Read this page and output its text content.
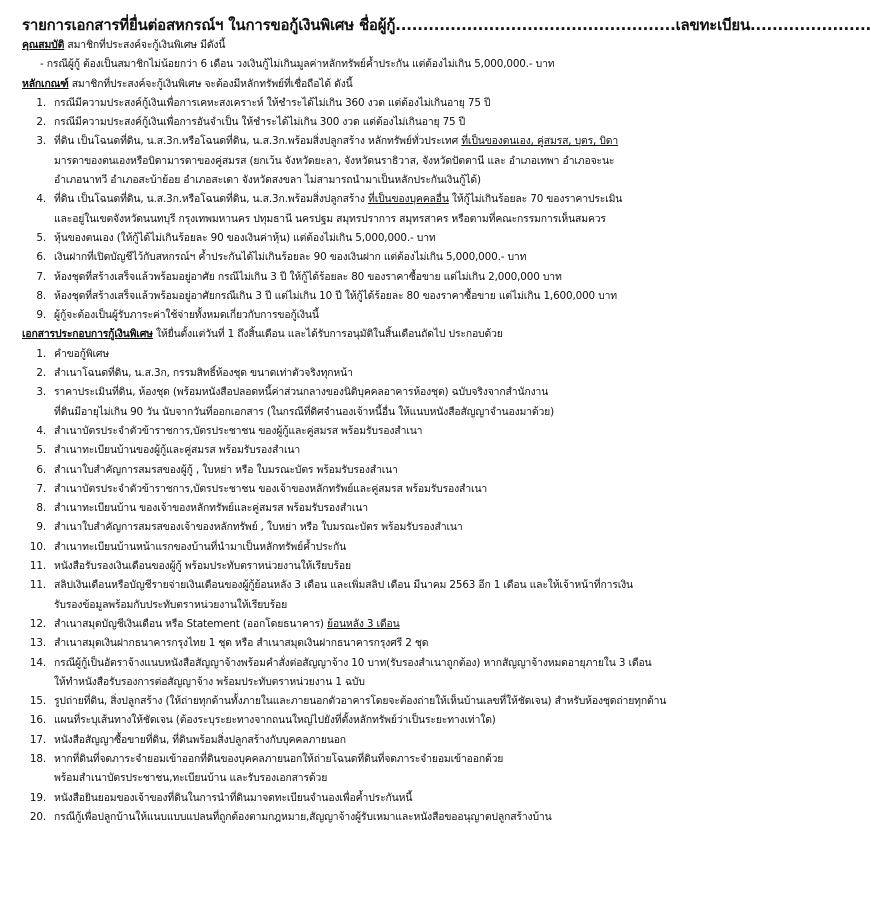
รายการเอกสารที่ยื่นต่อสหกรณ์ฯ ในการขอกู้เงินพิเศษ ชื่อผู้กู้...................................................เลขทะเบียน......................
คุณสมบัติ สมาชิกที่ประสงค์จะกู้เงินพิเศษ มีดังนี้
- กรณีผู้กู้ ต้องเป็นสมาชิกไม่น้อยกว่า 6 เดือน วงเงินกู้ไม่เกินมูลค่าหลักทรัพย์ค้ำประกัน แต่ต้องไม่เกิน 5,000,000.- บาท
หลักเกณฑ์ สมาชิกที่ประสงค์จะกู้เงินพิเศษ จะต้องมีหลักทรัพย์ที่เชื่อถือได้ ดังนี้
1. กรณีมีความประสงค์กู้เงินเพื่อการเคหะสงเคราะห์ ให้ชำระได้ไม่เกิน 360 งวด แต่ต้องไม่เกินอายุ 75 ปี
2. กรณีมีความประสงค์กู้เงินเพื่อการอันจำเป็น ให้ชำระได้ไม่เกิน 300 งวด แต่ต้องไม่เกินอายุ 75 ปี
3. ที่ดิน เป็นโฉนดที่ดิน, น.ส.3ก.หรือโฉนดที่ดิน, น.ส.3ก.พร้อมสิ่งปลูกสร้าง หลักทรัพย์ทั่วประเทศ ที่เป็นของตนเอง, คู่สมรส, บุตร, บิดา
มารดาของตนเองหรือบิดามารดาของคู่สมรส (ยกเว้น จังหวัดยะลา, จังหวัดนราธิวาส, จังหวัดปัตตานี และ อำเภอเทพา อำเภอจะนะ
อำเภอนาทวี อำเภอสะบ้าย้อย อำเภอสะเดา จังหวัดสงขลา ไม่สามารถนำมาเป็นหลักประกันเงินกู้ได้)
4. ที่ดิน เป็นโฉนดที่ดิน, น.ส.3ก.หรือโฉนดที่ดิน, น.ส.3ก.พร้อมสิ่งปลูกสร้าง ที่เป็นของบุคคลอื่น ให้กู้ไม่เกินร้อยละ 70 ของราคาประเมิน
และอยู่ในเขตจังหวัดนนทบุรี กรุงเทพมหานคร ปทุมธานี นครปฐม สมุทรปราการ สมุทรสาคร หรือตามที่คณะกรรมการเห็นสมควร
5. หุ้นของตนเอง (ให้กู้ได้ไม่เกินร้อยละ 90 ของเงินค่าหุ้น) แต่ต้องไม่เกิน 5,000,000.- บาท
6. เงินฝากที่เปิดบัญชีไว้กับสหกรณ์ฯ ค้ำประกันได้ไม่เกินร้อยละ 90 ของเงินฝาก แต่ต้องไม่เกิน 5,000,000.- บาท
7. ห้องชุดที่สร้างเสร็จแล้วพร้อมอยู่อาศัย กรณีไม่เกิน 3 ปี ให้กู้ได้ร้อยละ 80 ของราคาซื้อขาย แต่ไม่เกิน 2,000,000 บาท
8. ห้องชุดที่สร้างเสร็จแล้วพร้อมอยู่อาศัยกรณีเกิน 3 ปี แต่ไม่เกิน 10 ปี ให้กู้ได้ร้อยละ 80 ของราคาซื้อขาย แต่ไม่เกิน 1,600,000 บาท
9. ผู้กู้จะต้องเป็นผู้รับภาระค่าใช้จ่ายทั้งหมดเกี่ยวกับการขอกู้เงินนี้
เอกสารประกอบการกู้เงินพิเศษ ให้ยื่นตั้งแต่วันที่ 1 ถึงสิ้นเดือน และได้รับการอนุมัติในสิ้นเดือนถัดไป ประกอบด้วย
1. คำขอกู้พิเศษ
2. สำเนาโฉนดที่ดิน, น.ส.3ก, กรรมสิทธิ์ห้องชุด ขนาดเท่าตัวจริงทุกหน้า
3. ราคาประเมินที่ดิน, ห้องชุด (พร้อมหนังสือปลอดหนี้ค่าส่วนกลางของนิติบุคคลอาคารห้องชุด) ฉบับจริงจากสำนักงาน
ที่ดินมีอายุไม่เกิน 90 วัน นับจากวันที่ออกเอกสาร (ในกรณีที่ดิศจำนองเจ้าหนี้อื่น ให้แนบหนังสือสัญญาจำนองมาด้วย)
4. สำเนาบัตรประจำตัวข้าราชการ,บัตรประชาชน ของผู้กู้และคู่สมรส พร้อมรับรองสำเนา
5. สำเนาทะเบียนบ้านของผู้กู้และคู่สมรส พร้อมรับรองสำเนา
6. สำเนาใบสำคัญการสมรสของผู้กู้ , ใบหย่า หรือ ใบมรณะบัตร พร้อมรับรองสำเนา
7. สำเนาบัตรประจำตัวข้าราชการ,บัตรประชาชน ของเจ้าของหลักทรัพย์และคู่สมรส พร้อมรับรองสำเนา
8. สำเนาทะเบียนบ้าน ของเจ้าของหลักทรัพย์และคู่สมรส พร้อมรับรองสำเนา
9. สำเนาใบสำคัญการสมรสของเจ้าของหลักทรัพย์ , ใบหย่า หรือ ใบมรณะบัตร พร้อมรับรองสำเนา
10. สำเนาทะเบียนบ้านหน้าแรกของบ้านที่นำมาเป็นหลักทรัพย์ค้ำประกัน
11. หนังสือรับรองเงินเดือนของผู้กู้ พร้อมประทับตราหน่วยงานให้เรียบร้อย
11. สลิปเงินเดือนหรือบัญชีรายจ่ายเงินเดือนของผู้กู้ย้อนหลัง 3 เดือน และเพิ่มสลิป เดือน มีนาคม 2563 อีก 1 เดือน และให้เจ้าหน้าที่การเงิน
รับรองข้อมูลพร้อมกับประทับตราหน่วยงานให้เรียบร้อย
12. สำเนาสมุดบัญชีเงินเดือน หรือ Statement (ออกโดยธนาคาร) ย้อนหลัง 3 เดือน
13. สำเนาสมุดเงินฝากธนาคารกรุงไทย 1 ชุด หรือ สำเนาสมุดเงินฝากธนาคารกรุงศรี 2 ชุด
14. กรณีผู้กู้เป็นอัตราจ้างแนบหนังสือสัญญาจ้างพร้อมคำสั่งต่อสัญญาจ้าง 10 บาท(รับรองสำเนาถูกต้อง) หากสัญญาจ้างหมดอายุภายใน 3 เดือน
ให้ทำหนังสือรับรองการต่อสัญญาจ้าง พร้อมประทับตราหน่วยงาน 1 ฉบับ
15. รูปถ่ายที่ดิน, สิ่งปลูกสร้าง (ให้ถ่ายทุกด้านทั้งภายในและภายนอกตัวอาคารโดยจะต้องถ่ายให้เห็นบ้านเลขที่ให้ชัดเจน) สำหรับห้องชุดถ่ายทุกด้าน
16. แผนที่ระบุเส้นทางให้ชัดเจน (ต้องระบุระยะทางจากถนนใหญ่ไปยังที่ตั้งหลักทรัพย์ว่าเป็นระยะทางเท่าใด)
17. หนังสือสัญญาซื้อขายที่ดิน, ที่ดินพร้อมสิ่งปลูกสร้างกับบุคคลภายนอก
18. หากที่ดินที่จดภาระจำยอมเข้าออกที่ดินของบุคคลภายนอกให้ถ่ายโฉนดที่ดินที่จดภาระจำยอมเข้าออกด้วย
พร้อมสำเนาบัตรประชาชน,ทะเบียนบ้าน และรับรองเอกสารด้วย
19. หนังสือยินยอมของเจ้าของที่ดินในการนำที่ดินมาจดทะเบียนจำนองเพื่อค้ำประกันหนี้
20. กรณีกู้เพื่อปลูกบ้านให้แนบแบบแปลนที่ถูกต้องตามกฎหมาย,สัญญาจ้างผู้รับเหมาและหนังสือขออนุญาตปลูกสร้างบ้าน
